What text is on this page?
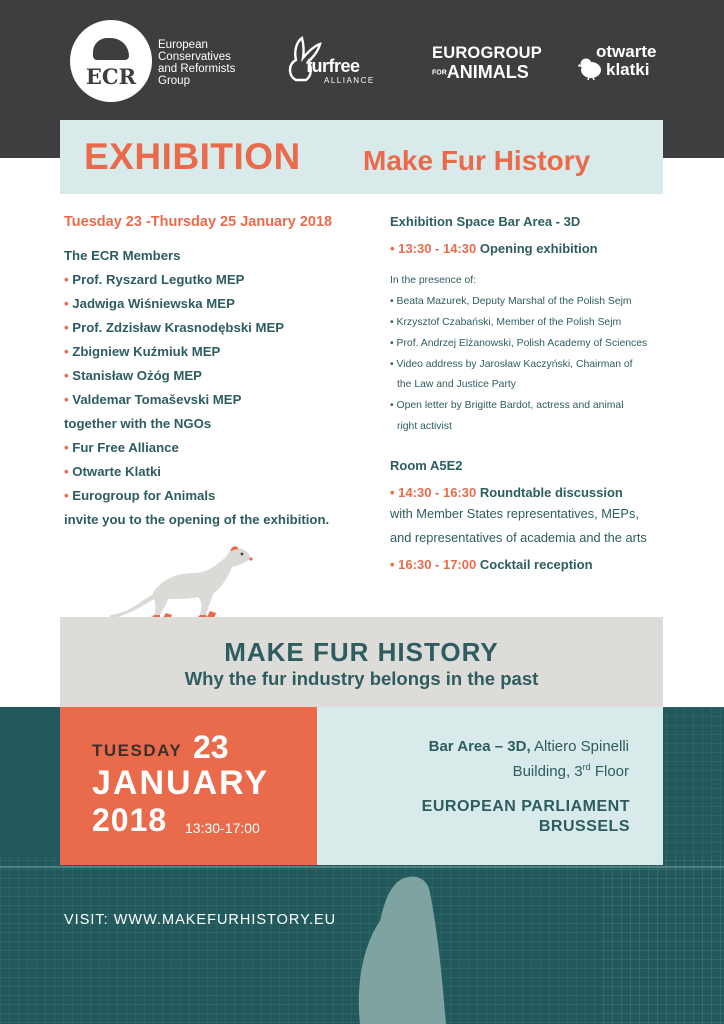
ECR
European
Conservatives
and Reformists
Group
furfree
ALLIANCE
EUROGROUP
FORANIMALS
otwarte
klatki
EXHIBITION Make Fur History
Tuesday 23 -Thursday 25 January 2018
The ECR Members
• Prof. Ryszard Legutko MEP
• Jadwiga Wiśniewska MEP
• Prof. Zdzisław Krasnodębski MEP
• Zbigniew Kuźmiuk MEP
• Stanisław Ożóg MEP
• Valdemar Tomaševski MEP
together with the NGOs
• Fur Free Alliance
• Otwarte Klatki
• Eurogroup for Animals
invite you to the opening of the exhibition.
Exhibition Space Bar Area - 3D
• 13:30 - 14:30 Opening exhibition
In the presence of:
• Beata Mazurek, Deputy Marshal of the Polish Sejm
• Krzysztof Czabański, Member of the Polish Sejm
• Prof. Andrzej Elżanowski, Polish Academy of Sciences
• Video address by Jarosław Kaczyński, Chairman of
the Law and Justice Party
• Open letter by Brigitte Bardot, actress and animal
right activist
Room A5E2
• 14:30 - 16:30 Roundtable discussion
with Member States representatives, MEPs,
and representatives of academia and the arts
• 16:30 - 17:00 Cocktail reception
MAKE FUR HISTORY
Why the fur industry belongs in the past
TUESDAY 23
JANUARY
2018 13:30-17:00
Bar Area – 3D, Altiero Spinelli
Building, 3rd Floor
EUROPEAN PARLIAMENT
BRUSSELS
VISIT: WWW.MAKEFURHISTORY.EU
